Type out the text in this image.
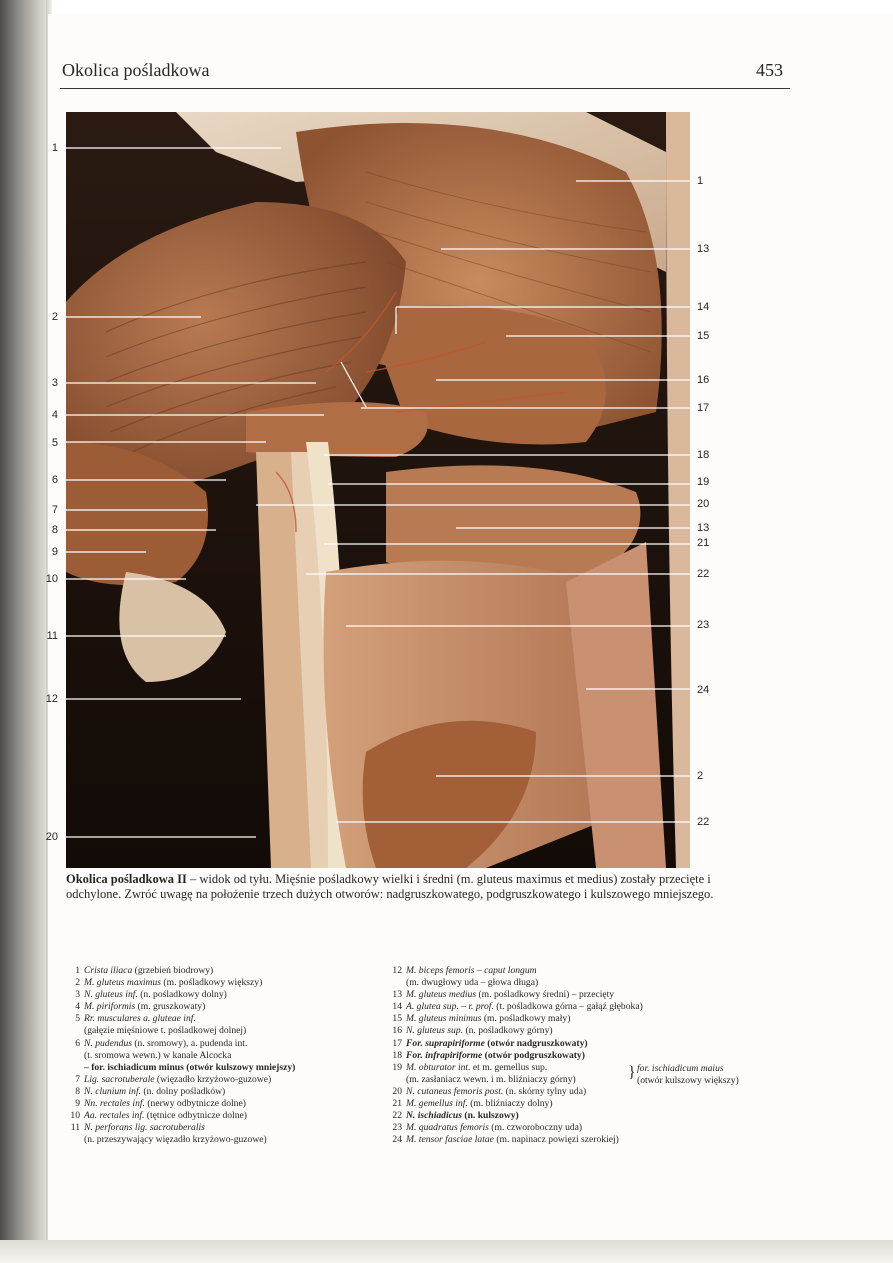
Okolica pośladkowa	453
1
2
3
4
5
6
7
8
9
10
11
12
20
1
13
14
15
16
17
18
19
20
13
21
22
23
24
2
22
Okolica pośladkowa II – widok od tyłu. Mięśnie pośladkowy wielki i średni (m. gluteus maximus et medius) zostały przecięte i odchylone. Zwróć uwagę na położenie trzech dużych otworów: nadgruszkowatego, podgruszkowatego i kulszowego mniejszego.
1 Crista iliaca (grzebień biodrowy)
2 M. gluteus maximus (m. pośladkowy większy)
3 N. gluteus inf. (n. pośladkowy dolny)
4 M. piriformis (m. gruszkowaty)
5 Rr. musculares a. gluteae inf.
(gałęzie mięśniowe t. pośladkowej dolnej)
6 N. pudendus (n. sromowy), a. pudenda int.
(t. sromowa wewn.) w kanale Alcocka
– for. ischiadicum minus (otwór kulszowy mniejszy)
7 Lig. sacrotuberale (więzadło krzyżowo-guzowe)
8 N. clunium inf. (n. dolny pośladków)
9 Nn. rectales inf. (nerwy odbytnicze dolne)
10 Aa. rectales inf. (tętnice odbytnicze dolne)
11 N. perforans lig. sacrotuberalis
(n. przeszywający więzadło krzyżowo-guzowe)
12 M. biceps femoris – caput longum
(m. dwugłowy uda – głowa długa)
13 M. gluteus medius (m. pośladkowy średni) – przecięty
14 A. glutea sup. – r. prof. (t. pośladkowa górna – gałąź głęboka)
15 M. gluteus minimus (m. pośladkowy mały)
16 N. gluteus sup. (n. pośladkowy górny)
17 For. suprapiriforme (otwór nadgruszkowaty)
18 For. infrapiriforme (otwór podgruszkowaty)
19 M. obturator int. et m. gemellus sup.
(m. zasłaniacz wewn. i m. bliźniaczy górny)
20 N. cutaneus femoris post. (n. skórny tylny uda)
21 M. gemellus inf. (m. bliźniaczy dolny)
22 N. ischiadicus (n. kulszowy)
23 M. quadratus femoris (m. czworoboczny uda)
24 M. tensor fasciae latae (m. napinacz powięzi szerokiej)
} for. ischiadicum maius
(otwór kulszowy większy)
